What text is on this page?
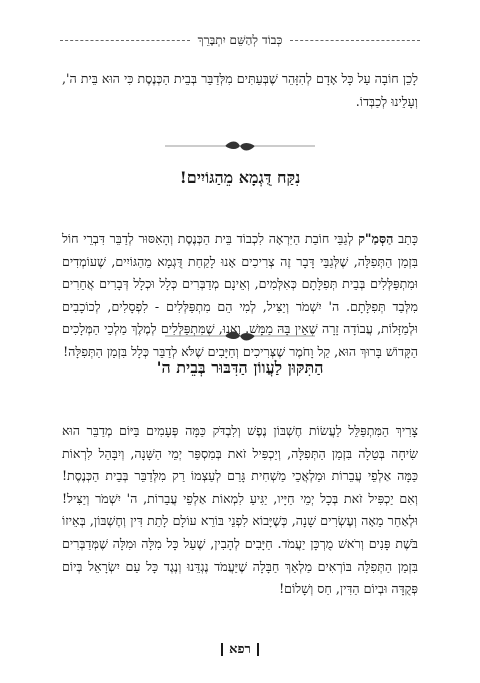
כְּבוֹד לְהַשֵּׁם יִתְבָּרֵךְ

לָכֵן חוֹבָה עַל כָּל אָדָם לְהִזָּהֵר שֶׁבְּעֵתִּים מִלְּדַבֵּר בְּבֵית הַכְּנֶסֶת כִּי הוּא בֵּית ה', וְעָלֵינוּ לְכַבְּדוֹ.

נִקַּח דֻּגְמָא מֵהַגּוֹיִים!

כָּתַב הַסְּמַ"ק לְגַבֵּי חוֹבַת הַיִּרְאָה לִכְבוֹד בֵּית הַכְּנֶסֶת וְהָאִסּוּר לְדַבֵּר דִּבְרֵי חוֹל בִּזְמַן הַתְּפִלָּה, שֶׁלְּגַבֵּי דָּבָר זֶה צְרִיכִים אָנוּ לָקַחַת דֻּגְמָא מֵהַגּוֹיִים, שֶׁעוֹמְדִים וּמִתְפַּלְּלִים בְּבֵית תְּפִלָּתָם כְּאִלְּמִים, וְאֵינָם מְדַבְּרִים כְּלָל וּכְלָל דְּבָרִים אֲחֵרִים מִלְּבַד תְּפִלָּתָם. ה' יִשְׁמֹר וְיַצִּיל, לְמִי הֵם מִתְפַּלְּלִים - לִפְסָלִים, לְכוֹכָבִים וּלְמַזָּלוֹת, עֲבוֹדָה זָרָה שֶׁאֵין בָּהּ מַמָּשׁ. וְאָנוּ, שֶׁמִּתְפַּלְּלִים לְמֶלֶךְ מַלְכֵי הַמְּלָכִים הַקָּדוֹשׁ בָּרוּךְ הוּא, קַל וָחֹמֶר שֶׁצְּרִיכִים וְחַיָּבִים שֶׁלֹּא לְדַבֵּר כְּלָל בִּזְמַן הַתְּפִלָּה!

הַתִּקּוּן לַעֲווֹן הַדִּבּוּר בְּבֵית ה'

צָרִיךְ הַמִּתְפַּלֵּל לַעֲשׂוֹת חֶשְׁבּוֹן נֶפֶשׁ וְלִבְדֹּק כַּמָּה פְּעָמִים בַּיּוֹם מְדַבֵּר הוּא שִׂיחָה בְּטֵלָה בִּזְמַן הַתְּפִלָּה, וְיַכְפִּיל זֹאת בְּמִסְפַּר יְמֵי הַשָּׁנָה, וְיִבָּהֵל לִרְאוֹת כַּמָּה אַלְפֵי עֲבֵרוֹת וּמַלְאֲכֵי מַשְׁחִית גָּרַם לְעַצְמוֹ רַק מִלְּדַבֵּר בְּבֵית הַכְּנֶסֶת! וְאִם יַכְפִּיל זֹאת בְּכָל יְמֵי חַיָּיו, יַגִּיעַ לִמְאוֹת אַלְפֵי עֲבֵרוֹת, ה' יִשְׁמֹר וְיַצִּיל! וּלְאַחַר מֵאָה וְעֶשְׂרִים שָׁנָה, כְּשֶׁיָּבוֹא לִפְנֵי בּוֹרֵא עוֹלָם לָתֵת דִּין וְחֶשְׁבּוֹן, בְּאֵיזוֹ בֹּשֶׁת פָּנִים וְרֹאשׁ מֻרְכָּן יַעֲמֹד. חַיָּבִים לְהָבִין, שֶׁעַל כָּל מִלָּה וּמִלָּה שֶׁמְּדַבְּרִים בִּזְמַן הַתְּפִלָּה בּוֹרְאִים מַלְאַךְ חַבָּלָה שֶׁיַּעֲמֹד נֶגְדֵּנוּ וְנֶגֶד כָּל עַם יִשְׂרָאֵל בְּיוֹם פְּקֻדָּה וּבְיוֹם הַדִּין, חַס וְשָׁלוֹם!

רפא
